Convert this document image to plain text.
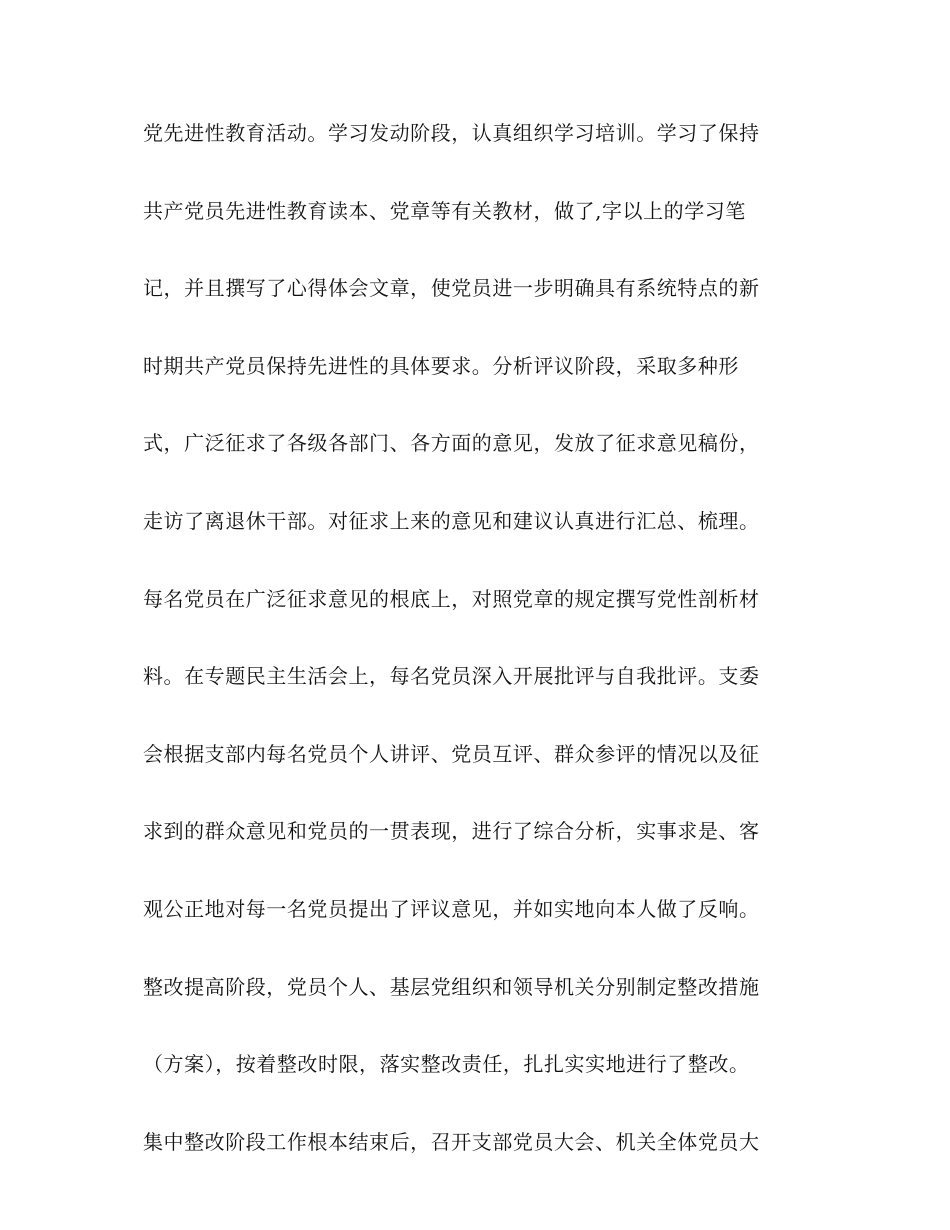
党先进性教育活动。学习发动阶段，认真组织学习培训。学习了保持
共产党员先进性教育读本、党章等有关教材，做了,字以上的学习笔
记，并且撰写了心得体会文章，使党员进一步明确具有系统特点的新
时期共产党员保持先进性的具体要求。分析评议阶段，采取多种形
式，广泛征求了各级各部门、各方面的意见，发放了征求意见稿份，
走访了离退休干部。对征求上来的意见和建议认真进行汇总、梳理。
每名党员在广泛征求意见的根底上，对照党章的规定撰写党性剖析材
料。在专题民主生活会上，每名党员深入开展批评与自我批评。支委
会根据支部内每名党员个人讲评、党员互评、群众参评的情况以及征
求到的群众意见和党员的一贯表现，进行了综合分析，实事求是、客
观公正地对每一名党员提出了评议意见，并如实地向本人做了反响。
整改提高阶段，党员个人、基层党组织和领导机关分别制定整改措施
（方案），按着整改时限，落实整改责任，扎扎实实地进行了整改。
集中整改阶段工作根本结束后，召开支部党员大会、机关全体党员大
